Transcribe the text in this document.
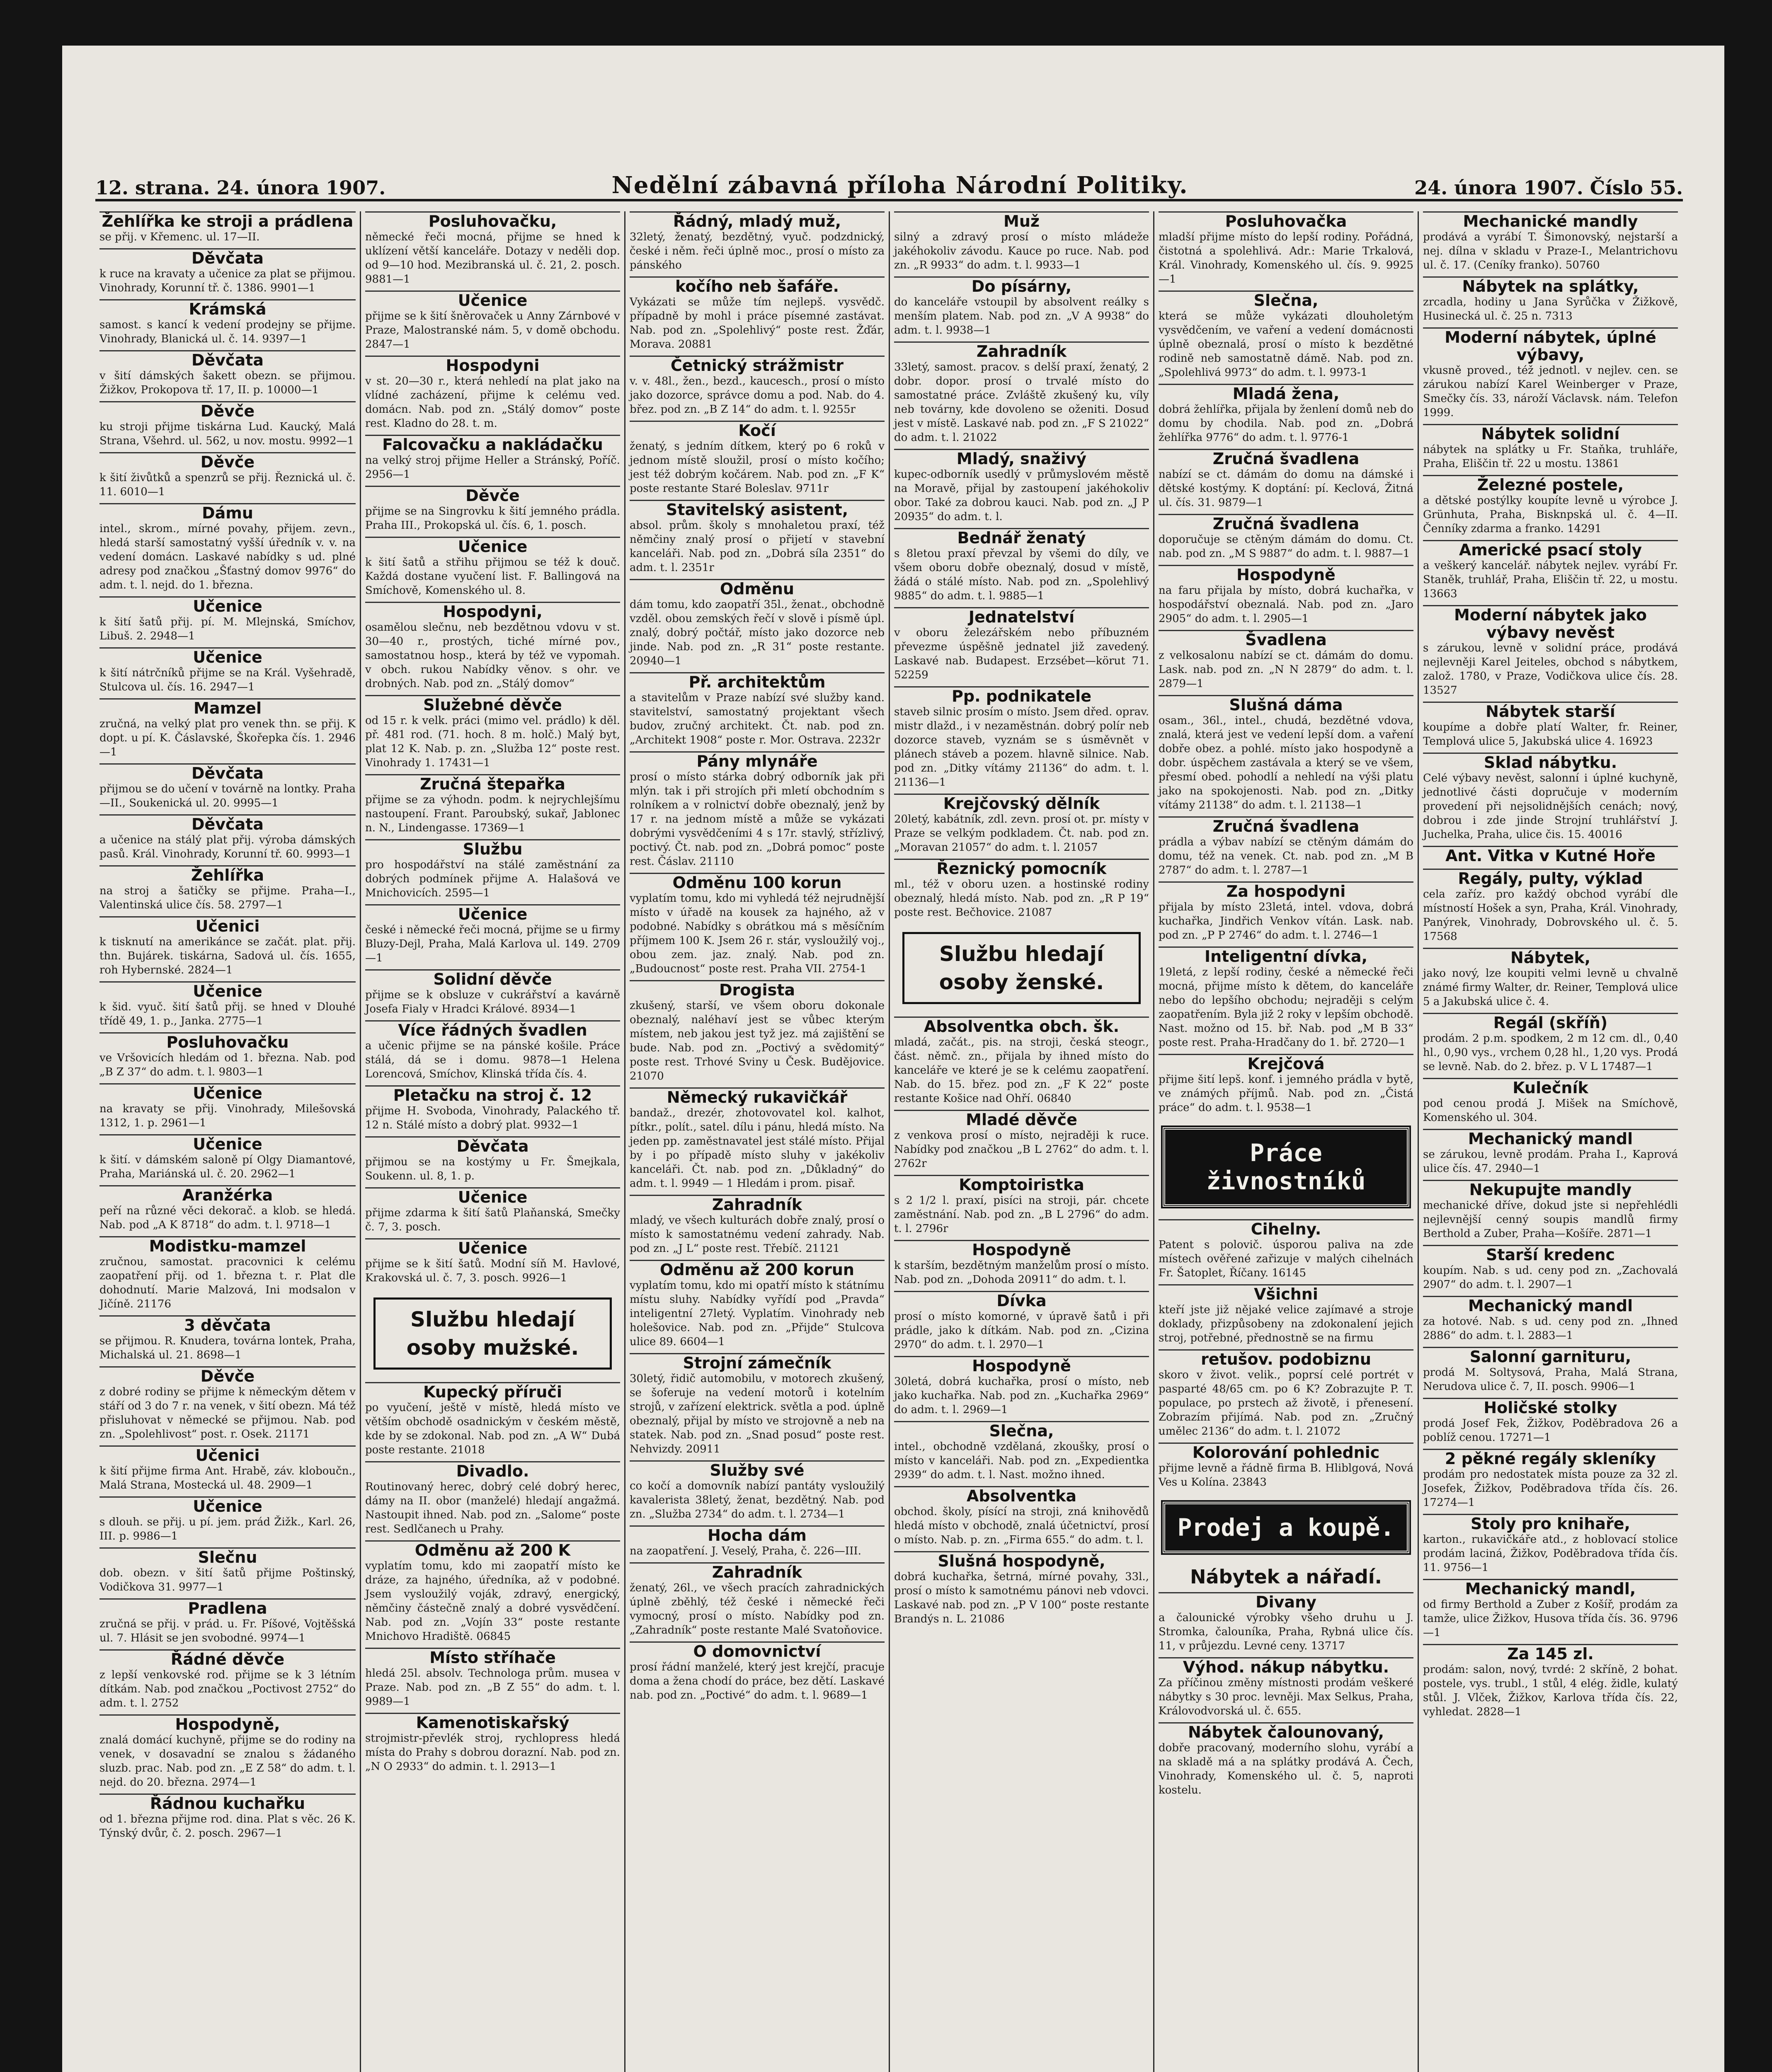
12. strana. 24. února 1907.	Nedělní zábavná příloha Národní Politiky.	24. února 1907. Číslo 55.
Žehlířka ke stroji a prádlena

se přij. v Křemenc. ul. 17—II.

Děvčata

k ruce na kravaty a učenice za plat se přijmou. Vinohrady, Korunní tř. č. 1386. 9901—1

Krámská

samost. s kancí k vedení prodejny se přijme. Vinohrady, Blanická ul. č. 14. 9397—1

Děvčata

v šití dámských šakett obezn. se přijmou. Žižkov, Prokopova tř. 17, II. p. 10000—1

Děvče

ku stroji přijme tiskárna Lud. Kaucký, Malá Strana, Všehrd. ul. 562, u nov. mostu. 9992—1

Děvče

k šití živůtků a spenzrů se přij. Řeznická ul. č. 11. 6010—1

Dámu

intel., skrom., mírné povahy, přijem. zevn., hledá starší samostatný vyšší úředník v. v. na vedení domácn. Laskavé nabídky s ud. plné adresy pod značkou „Šťastný domov 9976“ do adm. t. l. nejd. do 1. března.

Učenice

k šití šatů přij. pí. M. Mlejnská, Smíchov, Libuš. 2. 2948—1

Učenice

k šití nátrčníků přijme se na Král. Vyšehradě, Stulcova ul. čís. 16. 2947—1

Mamzel

zručná, na velký plat pro venek thn. se přij. K dopt. u pí. K. Čáslavské, Škořepka čís. 1. 2946—1

Děvčata

přijmou se do učení v továrně na lontky. Praha—II., Soukenická ul. 20. 9995—1

Děvčata

a učenice na stálý plat přij. výroba dámských pasů. Král. Vinohrady, Korunní tř. 60. 9993—1

Žehlířka

na stroj a šatičky se přijme. Praha—I., Valentinská ulice čís. 58. 2797—1

Učenici

k tisknutí na amerikánce se začát. plat. přij. thn. Bujárek. tiskárna, Sadová ul. čís. 1655, roh Hybernské. 2824—1

Učenice

k šid. vyuč. šití šatů přij. se hned v Dlouhé třídě 49, 1. p., Janka. 2775—1

Posluhovačku

ve Vršovicích hledám od 1. března. Nab. pod „B Z 37“ do adm. t. l. 9803—1

Učenice

na kravaty se přij. Vinohrady, Milešovská 1312, 1. p. 2961—1

Učenice

k šití. v dámském saloně pí Olgy Diamantové, Praha, Mariánská ul. č. 20. 2962—1

Aranžérka

peří na různé věci dekorač. a klob. se hledá. Nab. pod „A K 8718“ do adm. t. l. 9718—1

Modistku-mamzel

zručnou, samostat. pracovnici k celému zaopatření přij. od 1. března t. r. Plat dle dohodnutí. Marie Malzová, Ini modsalon v Jičíně. 21176

3 děvčata

se přijmou. R. Knudera, továrna lontek, Praha, Michalská ul. 21. 8698—1

Děvče

z dobré rodiny se přijme k německým dětem v stáří od 3 do 7 r. na venek, v šití obezn. Má též přisluhovat v německé se přijmou. Nab. pod zn. „Spolehlivost“ post. r. Osek. 21171

Učenici

k šití přijme firma Ant. Hrabě, záv. kloboučn., Malá Strana, Mostecká ul. 48. 2909—1

Učenice

s dlouh. se přij. u pí. jem. prád Žižk., Karl. 26, III. p. 9986—1

Slečnu

dob. obezn. v šití šatů přijme Poštinský, Vodičkova 31. 9977—1

Pradlena

zručná se přij. v prád. u. Fr. Píšové, Vojtěšská ul. 7. Hlásit se jen svobodné. 9974—1

Řádné děvče

z lepší venkovské rod. přijme se k 3 létním dítkám. Nab. pod značkou „Poctivost 2752“ do adm. t. l. 2752

Hospodyně,

znalá domácí kuchyně, přijme se do rodiny na venek, v dosavadní se znalou s žádaného sluzb. prac. Nab. pod zn. „E Z 58“ do adm. t. l. nejd. do 20. března. 2974—1

Řádnou kuchařku

od 1. března přijme rod. dina. Plat s věc. 26 K. Týnský dvůr, č. 2. posch. 2967—1

Posluhovačku,

německé řeči mocná, přijme se hned k uklízení větší kanceláře. Dotazy v neděli dop. od 9—10 hod. Mezibranská ul. č. 21, 2. posch. 9881—1

Učenice

přijme se k šití šněrovaček u Anny Zárnbové v Praze, Malostranské nám. 5, v domě obchodu. 2847—1

Hospodyni

v st. 20—30 r., která nehledí na plat jako na vlídné zacházení, přijme k celému ved. domácn. Nab. pod zn. „Stálý domov“ poste rest. Kladno do 28. t. m.

Falcovačku a nakládačku

na velký stroj přijme Heller a Stránský, Poříč. 2956—1

Děvče

přijme se na Singrovku k šití jemného prádla. Praha III., Prokopská ul. čís. 6, 1. posch.

Učenice

k šití šatů a střihu přijmou se též k douč. Každá dostane vyučení list. F. Ballingová na Smíchově, Komenského ul. 8.

Hospodyni,

osamělou slečnu, neb bezdětnou vdovu v st. 30—40 r., prostých, tiché mírné pov., samostatnou hosp., která by též ve vypomah. v obch. rukou Nabídky věnov. s ohr. ve drobných. Nab. pod zn. „Stálý domov“

Služebné děvče

od 15 r. k velk. práci (mimo vel. prádlo) k děl. př. 481 rod. (71. hoch. 8 m. holč.) Malý byt, plat 12 K. Nab. p. zn. „Služba 12“ poste rest. Vinohrady 1. 17431—1

Zručná štepařka

přijme se za výhodn. podm. k nejrychlejšímu nastoupení. Frant. Paroubský, sukař, Jablonec n. N., Lindengasse. 17369—1

Službu

pro hospodářství na stálé zaměstnání za dobrých podmínek přijme A. Halašová ve Mnichovicích. 2595—1

Učenice

české i německé řeči mocná, přijme se u firmy Bluzy-Dejl, Praha, Malá Karlova ul. 149. 2709—1

Solidní děvče

přijme se k obsluze v cukrářství a kavárně Josefa Fialy v Hradci Králové. 8934—1

Více řádných švadlen

a učenic přijme se na pánské košile. Práce stálá, dá se i domu. 9878—1 Helena Lorencová, Smíchov, Klinská třída čís. 4.

Pletačku na stroj č. 12

přijme H. Svoboda, Vinohrady, Palackého tř. 12 n. Stálé místo a dobrý plat. 9932—1

Děvčata

přijmou se na kostýmy u Fr. Šmejkala, Soukenn. ul. 8, 1. p.

Učenice

přijme zdarma k šití šatů Plaňanská, Smečky č. 7, 3. posch.

Učenice

přijme se k šití šatů. Modní síň M. Havlové, Krakovská ul. č. 7, 3. posch. 9926—1

Službu hledají osoby mužské.
Kupecký příruči

po vyučení, ještě v místě, hledá místo ve větším obchodě osadnickým v českém městě, kde by se zdokonal. Nab. pod zn. „A W“ Dubá poste restante. 21018

Divadlo.

Routinovaný herec, dobrý celé dobrý herec, dámy na II. obor (manželé) hledají angažmá. Nastoupit ihned. Nab. pod zn. „Salome“ poste rest. Sedlčanech u Prahy.

Odměnu až 200 K

vyplatím tomu, kdo mi zaopatří místo ke dráze, za hajného, úředníka, až v podobné. Jsem vysloužilý voják, zdravý, energický, němčiny částečně znalý a dobré vysvědčení. Nab. pod zn. „Vojín 33“ poste restante Mnichovo Hradiště. 06845

Místo stříhače

hledá 25l. absolv. Technologa prům. musea v Praze. Nab. pod zn. „B Z 55“ do adm. t. l. 9989—1

Kamenotiskařský

strojmistr-převlék stroj, rychlopress hledá místa do Prahy s dobrou dorazní. Nab. pod zn. „N O 2933“ do admin. t. l. 2913—1

Řádný, mladý muž,

32letý, ženatý, bezdětný, vyuč. podzdnický, české i něm. řeči úplně moc., prosí o místo za pánského

kočího neb šafáře.

Vykázati se může tím nejlepš. vysvědč. případně by mohl i práce písemné zastávat. Nab. pod zn. „Spolehlivý“ poste rest. Žďár, Morava. 20881

Četnický strážmistr

v. v. 48l., žen., bezd., kaucesch., prosí o místo jako dozorce, správce domu a pod. Nab. do 4. břez. pod zn. „B Z 14“ do adm. t. l. 9255r

Kočí

ženatý, s jedním dítkem, který po 6 roků v jednom místě sloužil, prosí o místo kočího; jest též dobrým kočárem. Nab. pod zn. „F K“ poste restante Staré Boleslav. 9711r

Stavitelský asistent,

absol. prům. školy s mnohaletou praxí, též němčiny znalý prosí o přijetí v stavební kanceláři. Nab. pod zn. „Dobrá síla 2351“ do adm. t. l. 2351r

Odměnu

dám tomu, kdo zaopatří 35l., ženat., obchodně vzděl. obou zemských řečí v slově i písmě úpl. znalý, dobrý počtář, místo jako dozorce neb jinde. Nab. pod zn. „R 31“ poste restante. 20940—1

Př. architektům

a stavitelům v Praze nabízí své služby kand. stavitelství, samostatný projektant všech budov, zručný architekt. Čt. nab. pod zn. „Architekt 1908“ poste r. Mor. Ostrava. 2232r

Pány mlynáře

prosí o místo stárka dobrý odborník jak při mlýn. tak i při strojích při mletí obchodním s rolníkem a v rolnictví dobře obeznalý, jenž by 17 r. na jednom místě a může se vykázati dobrými vysvědčeními 4 s 17r. stavlý, střízlivý, poctivý. Čt. nab. pod zn. „Dobrá pomoc“ poste rest. Čáslav. 21110

Odměnu 100 korun

vyplatím tomu, kdo mi vyhledá též nejrudnější místo v úřadě na kousek za hajného, až v podobné. Nabídky s obrátkou má s měsíčním příjmem 100 K. Jsem 26 r. stár, vysloužilý voj., obou zem. jaz. znalý. Nab. pod zn. „Budoucnost“ poste rest. Praha VII. 2754-1

Drogista

zkušený, starší, ve všem oboru dokonale obeznalý, naléhaví jest se vůbec kterým místem, neb jakou jest tyž jez. má zajištění se bude. Nab. pod zn. „Poctivý a svědomitý“ poste rest. Trhové Sviny u Česk. Budějovice. 21070

Německý rukavičkář

bandaž., drezér, zhotovovatel kol. kalhot, pítkr., polít., satel. dílu i pánu, hledá místo. Na jeden pp. zaměstnavatel jest stálé místo. Přijal by i po případě místo sluhy v jakékoliv kanceláři. Čt. nab. pod zn. „Důkladný“ do adm. t. l. 9949 — 1 Hledám i prom. pisař.

Zahradník

mladý, ve všech kulturách dobře znalý, prosí o místo k samostatnému vedení zahrady. Nab. pod zn. „J L“ poste rest. Třebíč. 21121

Odměnu až 200 korun

vyplatím tomu, kdo mi opatří místo k státnímu místu sluhy. Nabídky vyřídí pod „Pravda“ inteligentní 27letý. Vyplatím. Vinohrady neb holešovice. Nab. pod zn. „Přijde“ Stulcova ulice 89. 6604—1

Strojní zámečník

30letý, řidič automobilu, v motorech zkušený, se šoferuje na vedení motorů i kotelním strojů, v zařízení elektrick. světla a pod. úplně obeznalý, přijal by místo ve strojovně a neb na statek. Nab. pod zn. „Snad posud“ poste rest. Nehvizdy. 20911

Služby své

co kočí a domovník nabízí pantáty vysloužilý kavalerista 38letý, ženat, bezdětný. Nab. pod zn. „Služba 2734“ do adm. t. l. 2734—1

Hocha dám

na zaopatření. J. Veselý, Praha, č. 226—III.

Zahradník

ženatý, 26l., ve všech pracích zahradnických úplně zběhlý, též české i německé řeči vymocný, prosí o místo. Nabídky pod zn. „Zahradník“ poste restante Malé Svatoňovice.

O domovnictví

prosí řádní manželé, který jest krejčí, pracuje doma a žena chodí do práce, bez dětí. Laskavé nab. pod zn. „Poctivé“ do adm. t. l. 9689—1

Muž

silný a zdravý prosí o místo mládeže jakéhokoliv závodu. Kauce po ruce. Nab. pod zn. „R 9933“ do adm. t. l. 9933—1

Do písárny,

do kanceláře vstoupil by absolvent reálky s menším platem. Nab. pod zn. „V A 9938“ do adm. t. l. 9938—1

Zahradník

33letý, samost. pracov. s delší praxí, ženatý, 2 dobr. dopor. prosí o trvalé místo do samostatné práce. Zvláště zkušený ku, víly neb továrny, kde dovoleno se oženiti. Dosud jest v místě. Laskavé nab. pod zn. „F S 21022“ do adm. t. l. 21022

Mladý, snaživý

kupec-odborník usedlý v průmyslovém městě na Moravě, přijal by zastoupení jakéhokoliv obor. Také za dobrou kauci. Nab. pod zn. „J P 20935“ do adm. t. l.

Bednář ženatý

s 8letou praxí převzal by všemi do díly, ve všem oboru dobře obeznalý, dosud v místě, žádá o stálé místo. Nab. pod zn. „Spolehlivý 9885“ do adm. t. l. 9885—1

Jednatelství

v oboru železářském nebo příbuzném převezme úspěšně jednatel již zavedený. Laskavé nab. Budapest. Erzsébet—körut 71. 52259

Pp. podnikatele

staveb silnic prosím o místo. Jsem dřed. oprav. mistr dlažd., i v nezaměstnán. dobrý polír neb dozorce staveb, vyznám se s úsměvnět v plánech stáveb a pozem. hlavně silnice. Nab. pod zn. „Ditky vítámy 21136“ do adm. t. l. 21136—1

Krejčovský dělník

20letý, kabátník, zdl. zevn. prosí ot. pr. místy v Praze se velkým podkladem. Čt. nab. pod zn. „Moravan 21057“ do adm. t. l. 21057

Řeznický pomocník

ml., též v oboru uzen. a hostinské rodiny obeznalý, hledá místo. Nab. pod zn. „R P 19“ poste rest. Bečhovice. 21087

Službu hledají osoby ženské.
Absolventka obch. šk.

mladá, začát., pis. na stroji, česká steogr., část. němč. zn., přijala by ihned místo do kanceláře ve které je se k celému zaopatření. Nab. do 15. břez. pod zn. „F K 22“ poste restante Košice nad Ohří. 06840

Mladé děvče

z venkova prosí o místo, nejraději k ruce. Nabídky pod značkou „B L 2762“ do adm. t. l. 2762r

Komptoiristka

s 2 1/2 l. praxí, pisíci na stroji, pár. chcete zaměstnání. Nab. pod zn. „B L 2796“ do adm. t. l. 2796r

Hospodyně

k starším, bezdětným manželům prosí o místo. Nab. pod zn. „Dohoda 20911“ do adm. t. l.

Dívka

prosí o místo komorné, v úpravě šatů i při prádle, jako k dítkám. Nab. pod zn. „Cizina 2970“ do adm. t. l. 2970—1

Hospodyně

30letá, dobrá kuchařka, prosí o místo, neb jako kuchařka. Nab. pod zn. „Kuchařka 2969“ do adm. t. l. 2969—1

Slečna,

intel., obchodně vzdělaná, zkoušky, prosí o místo v kanceláři. Nab. pod zn. „Expedientka 2939“ do adm. t. l. Nast. možno ihned.

Absolventka

obchod. školy, písící na stroji, zná knihovědů hledá místo v obchodě, znalá účetnictví, prosí o místo. Nab. p. zn. „Firma 655.“ do adm. t. l.

Slušná hospodyně,

dobrá kuchařka, šetrná, mírné povahy, 33l., prosí o místo k samotnému pánovi neb vdovci. Laskavé nab. pod zn. „P V 100“ poste restante Brandýs n. L. 21086

Posluhovačka

mladší přijme místo do lepší rodiny. Pořádná, čistotná a spolehlivá. Adr.: Marie Trkalová, Král. Vinohrady, Komenského ul. čís. 9. 9925—1

Slečna,

která se může vykázati dlouholetým vysvědčením, ve vaření a vedení domácnosti úplně obeznalá, prosí o místo k bezdětné rodině neb samostatně dámě. Nab. pod zn. „Spolehlivá 9973“ do adm. t. l. 9973-1

Mladá žena,

dobrá žehlířka, přijala by ženlení domů neb do domu by chodila. Nab. pod zn. „Dobrá žehlířka 9776“ do adm. t. l. 9776-1

Zručná švadlena

nabízí se ct. dámám do domu na dámské i dětské kostýmy. K doptání: pí. Keclová, Žitná ul. čís. 31. 9879—1

Zručná švadlena

doporučuje se ctěným dámám do domu. Ct. nab. pod zn. „M S 9887“ do adm. t. l. 9887—1

Hospodyně

na faru přijala by místo, dobrá kuchařka, v hospodářství obeznalá. Nab. pod zn. „Jaro 2905“ do adm. t. l. 2905—1

Švadlena

z velkosalonu nabízí se ct. dámám do domu. Lask. nab. pod zn. „N N 2879“ do adm. t. l. 2879—1

Slušná dáma

osam., 36l., intel., chudá, bezdětné vdova, znalá, která jest ve vedení lepší dom. a vaření dobře obez. a pohlé. místo jako hospodyně a dobr. úspěchem zastávala a který se ve všem, přesmí obed. pohodlí a nehledí na výši platu jako na spokojenosti. Nab. pod zn. „Ditky vítámy 21138“ do adm. t. l. 21138—1

Zručná švadlena

prádla a výbav nabízí se ctěným dámám do domu, též na venek. Ct. nab. pod zn. „M B 2787“ do adm. t. l. 2787—1

Za hospodyni

přijala by místo 23letá, intel. vdova, dobrá kuchařka, Jindřich Venkov vítán. Lask. nab. pod zn. „P P 2746“ do adm. t. l. 2746—1

Inteligentní dívka,

19letá, z lepší rodiny, české a německé řeči mocná, přijme místo k dětem, do kanceláře nebo do lepšího obchodu; nejraději s celým zaopatřením. Byla již 2 roky v lepším obchodě. Nast. možno od 15. bř. Nab. pod „M B 33“ poste rest. Praha-Hradčany do 1. bř. 2720—1

Krejčová

přijme šití lepš. konf. i jemného prádla v bytě, ve známých příjmů. Nab. pod zn. „Čistá práce“ do adm. t. l. 9538—1

Práce živnostníků
Cihelny.

Patent s polovič. úsporou paliva na zde místech ověřené zařizuje v malých cihelnách Fr. Šatoplet, Říčany. 16145

Všichni

kteří jste již nějaké velice zajímavé a stroje doklady, přizpůsobeny na zdokonalení jejich stroj, potřebné, přednostně se na firmu

retušov. podobiznu

skoro v život. velik., poprsí celé portrét v pasparté 48/65 cm. po 6 K? Zobrazujte P. T. populace, po prstech až životě, i přenesení. Zobrazím přijímá. Nab. pod zn. „Zručný umělec 2136“ do adm. t. l. 21072

Kolorování pohlednic

přijme levně a řádně firma B. Hliblgová, Nová Ves u Kolína. 23843

Prodej a koupě.
Nábytek a nářadí.
Divany

a čalounické výrobky všeho druhu u J. Stromka, čalouníka, Praha, Rybná ulice čís. 11, v průjezdu. Levné ceny. 13717

Výhod. nákup nábytku.

Za příčinou změny místnosti prodám veškeré nábytky s 30 proc. levněji. Max Selkus, Praha, Královodvorská ul. č. 655.

Nábytek čalounovaný,

dobře pracovaný, moderního slohu, vyrábí a na skladě má a na splátky prodává A. Čech, Vinohrady, Komenského ul. č. 5, naproti kostelu.

Mechanické mandly

prodává a vyrábí T. Šimonovský, nejstarší a nej. dílna v skladu v Praze-I., Melantrichovu ul. č. 17. (Ceníky franko). 50760

Nábytek na splátky,

zrcadla, hodiny u Jana Syrůčka v Žižkově, Husinecká ul. č. 25 n. 7313

Moderní nábytek, úplné výbavy,

vkusně proved., též jednotl. v nejlev. cen. se zárukou nabízí Karel Weinberger v Praze, Smečky čís. 33, nároží Václavsk. nám. Telefon 1999.

Nábytek solidní

nábytek na splátky u Fr. Staňka, truhláře, Praha, Eliščin tř. 22 u mostu. 13861

Železné postele,

a dětské postýlky koupíte levně u výrobce J. Grünhuta, Praha, Bisknpská ul. č. 4—II. Čenníky zdarma a franko. 14291

Americké psací stoly

a veškerý kancelář. nábytek nejlev. vyrábí Fr. Staněk, truhlář, Praha, Eliščin tř. 22, u mostu. 13663

Moderní nábytek jako výbavy nevěst

s zárukou, levně v solidní práce, prodává nejlevněji Karel Jeiteles, obchod s nábytkem, založ. 1780, v Praze, Vodičkova ulice čís. 28. 13527

Nábytek starší

koupíme a dobře platí Walter, fr. Reiner, Templová ulice 5, Jakubská ulice 4. 16923

Sklad nábytku.

Celé výbavy nevěst, salonní i úplné kuchyně, jednotlivé části dopručuje v moderním provedení při nejsolidnějších cenách; nový, dobrou i zde jinde Strojní truhlářství J. Juchelka, Praha, ulice čis. 15. 40016

Ant. Vitka v Kutné Hoře

Regály, pulty, výklad

cela zaříz. pro každý obchod vyrábí dle místností Hošek a syn, Praha, Král. Vinohrady, Panýrek, Vinohrady, Dobrovského ul. č. 5. 17568

Nábytek,

jako nový, lze koupiti velmi levně u chvalně známé firmy Walter, dr. Reiner, Templová ulice 5 a Jakubská ulice č. 4.

Regál (skříň)

prodám. 2 p.m. spodkem, 2 m 12 cm. dl., 0,40 hl., 0,90 vys., vrchem 0,28 hl., 1,20 vys. Prodá se levně. Nab. do 2. břez. p. V L 17487—1

Kulečník

pod cenou prodá J. Mišek na Smíchově, Komenského ul. 304.

Mechanický mandl

se zárukou, levně prodám. Praha I., Kaprová ulice čís. 47. 2940—1

Nekupujte mandly

mechanické dříve, dokud jste si nepřehlédli nejlevnější cenný soupis mandlů firmy Berthold a Zuber, Praha—Košíře. 2871—1

Starší kredenc

koupím. Nab. s ud. ceny pod zn. „Zachovalá 2907“ do adm. t. l. 2907—1

Mechanický mandl

za hotové. Nab. s ud. ceny pod zn. „Ihned 2886“ do adm. t. l. 2883—1

Salonní garnituru,

prodá M. Soltysová, Praha, Malá Strana, Nerudova ulice č. 7, II. posch. 9906—1

Holičské stolky

prodá Josef Fek, Žižkov, Poděbradova 26 a poblíž cenou. 17271—1

2 pěkné regály skleníky

prodám pro nedostatek místa pouze za 32 zl. Josefek, Žižkov, Poděbradova třída čís. 26. 17274—1

Stoly pro knihaře,

karton., rukavičkáře atd., z hoblovací stolice prodám laciná, Žižkov, Poděbradova třída čís. 11. 9756—1

Mechanický mandl,

od firmy Berthold a Zuber z Košíř, prodám za tamže, ulice Žižkov, Husova třída čís. 36. 9796—1

Za 145 zl.

prodám: salon, nový, tvrdé: 2 skříně, 2 bohat. postele, vys. trubl., 1 stůl, 4 elég. židle, kulatý stůl. J. Vlček, Žižkov, Karlova třída čís. 22, vyhledat. 2828—1
